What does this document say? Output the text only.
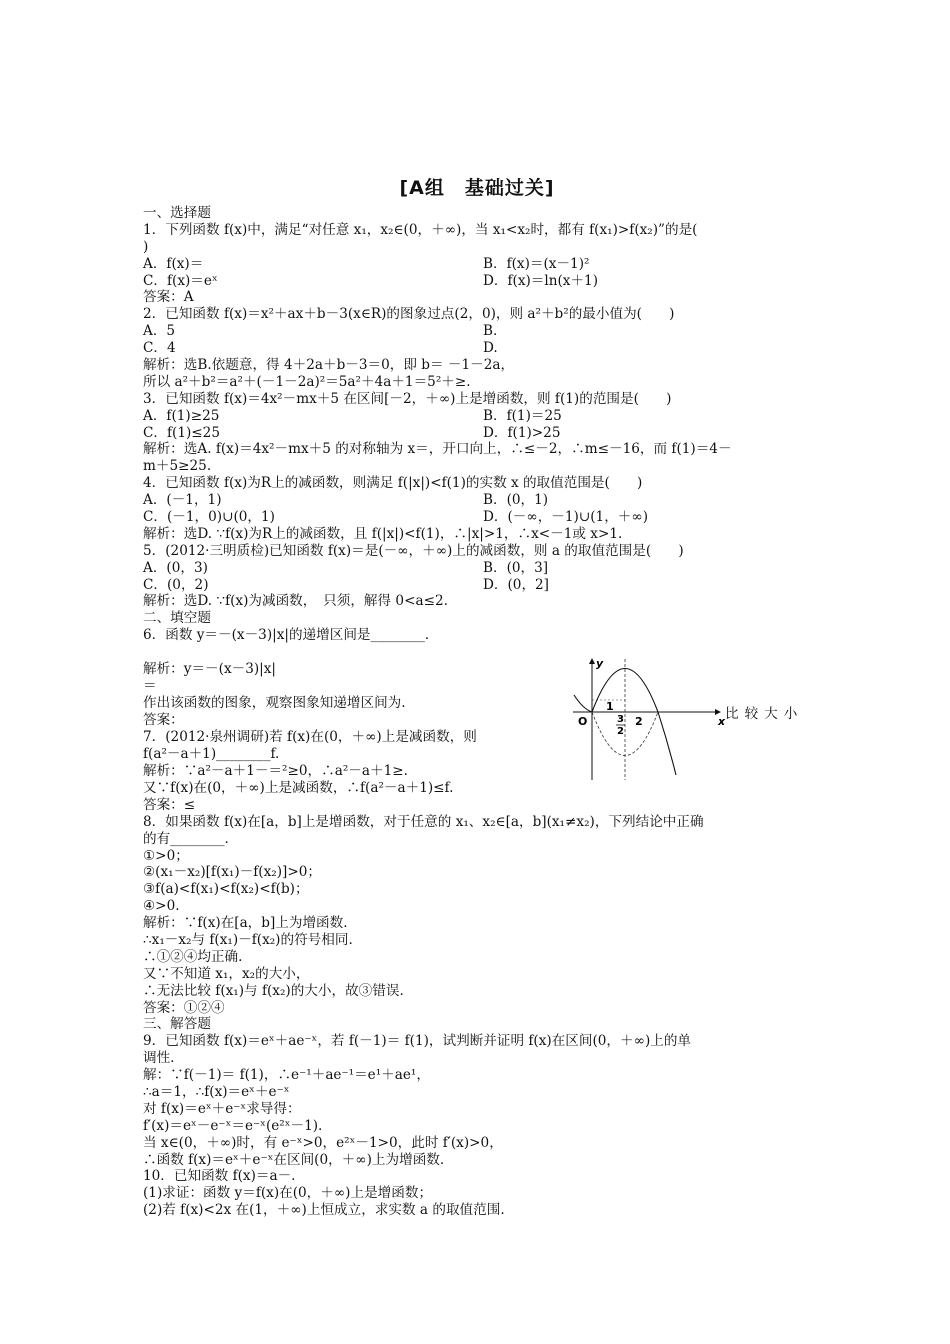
[A组　基础过关]
一、选择题
1．下列函数 f(x)中，满足“对任意 x₁，x₂∈(0，＋∞)，当 x₁<x₂时，都有 f(x₁)>f(x₂)”的是(
)
A．f(x)＝	B．f(x)＝(x－1)²
C．f(x)＝eˣ	D．f(x)＝ln(x＋1)
答案：A
2．已知函数 f(x)＝x²＋ax＋b－3(x∈R)的图象过点(2，0)，则 a²＋b²的最小值为(　　)
A．5	B.
C．4	D.
解析：选B.依题意，得 4＋2a＋b－3＝0，即 b＝ －1－2a，
所以 a²＋b²＝a²＋(－1－2a)²＝5a²＋4a＋1＝5²＋≥.
3．已知函数 f(x)＝4x²－mx＋5 在区间[－2，＋∞)上是增函数，则 f(1)的范围是(　　)
A．f(1)≥25	B．f(1)＝25
C．f(1)≤25	D．f(1)>25
解析：选A. f(x)＝4x²－mx＋5 的对称轴为 x＝，开口向上，∴≤－2，∴m≤－16，而 f(1)＝4－
m＋5≥25.
4．已知函数 f(x)为R上的减函数，则满足 f(|x|)<f(1)的实数 x 的取值范围是(　　)
A．(－1，1)	B．(0，1)
C．(－1，0)∪(0，1)	D．(－∞，－1)∪(1，＋∞)
解析：选D. ∵f(x)为R上的减函数，且 f(|x|)<f(1)，∴|x|>1，∴x<－1或 x>1.
5．(2012·三明质检)已知函数 f(x)＝是(－∞，＋∞)上的减函数，则 a 的取值范围是(　　)
A．(0，3)	B．(0，3]
C．(0，2)	D．(0，2]
解析：选D. ∵f(x)为减函数，　只须，解得 0<a≤2.
二、填空题
6．函数 y＝－(x－3)|x|的递增区间是________．
解析：y＝－(x－3)|x|
＝
作出该函数的图象，观察图象知递增区间为.
答案：
7．(2012·泉州调研)若 f(x)在(0，＋∞)上是减函数，则
f(a²－a＋1)________f.
y
x
O
1
3
2
2	比较大小
解析：∵a²－a＋1－＝²≥0，∴a²－a＋1≥.
又∵f(x)在(0，＋∞)上是减函数，∴f(a²－a＋1)≤f.
答案：≤
8．如果函数 f(x)在[a，b]上是增函数，对于任意的 x₁、x₂∈[a，b](x₁≠x₂)，下列结论中正确
的有________．
①>0；
②(x₁－x₂)[f(x₁)－f(x₂)]>0；
③f(a)<f(x₁)<f(x₂)<f(b)；
④>0.
解析：∵f(x)在[a，b]上为增函数.
∴x₁－x₂与 f(x₁)－f(x₂)的符号相同.
∴①②④均正确.
又∵不知道 x₁，x₂的大小，
∴无法比较 f(x₁)与 f(x₂)的大小，故③错误.
答案：①②④
三、解答题
9．已知函数 f(x)＝eˣ＋ae⁻ˣ，若 f(－1)＝ f(1)，试判断并证明 f(x)在区间(0，＋∞)上的单
调性.
解：∵f(－1)＝ f(1)，∴e⁻¹＋ae⁻¹＝e¹＋ae¹，
∴a＝1，∴f(x)＝eˣ＋e⁻ˣ
对 f(x)＝eˣ＋e⁻ˣ求导得：
f′(x)＝eˣ－e⁻ˣ＝e⁻ˣ(e²ˣ－1).
当 x∈(0，＋∞)时，有 e⁻ˣ>0，e²ˣ－1>0，此时 f′(x)>0，
∴函数 f(x)＝eˣ＋e⁻ˣ在区间(0，＋∞)上为增函数.
10．已知函数 f(x)＝a－.
(1)求证：函数 y＝f(x)在(0，＋∞)上是增函数；
(2)若 f(x)<2x 在(1，＋∞)上恒成立，求实数 a 的取值范围.
